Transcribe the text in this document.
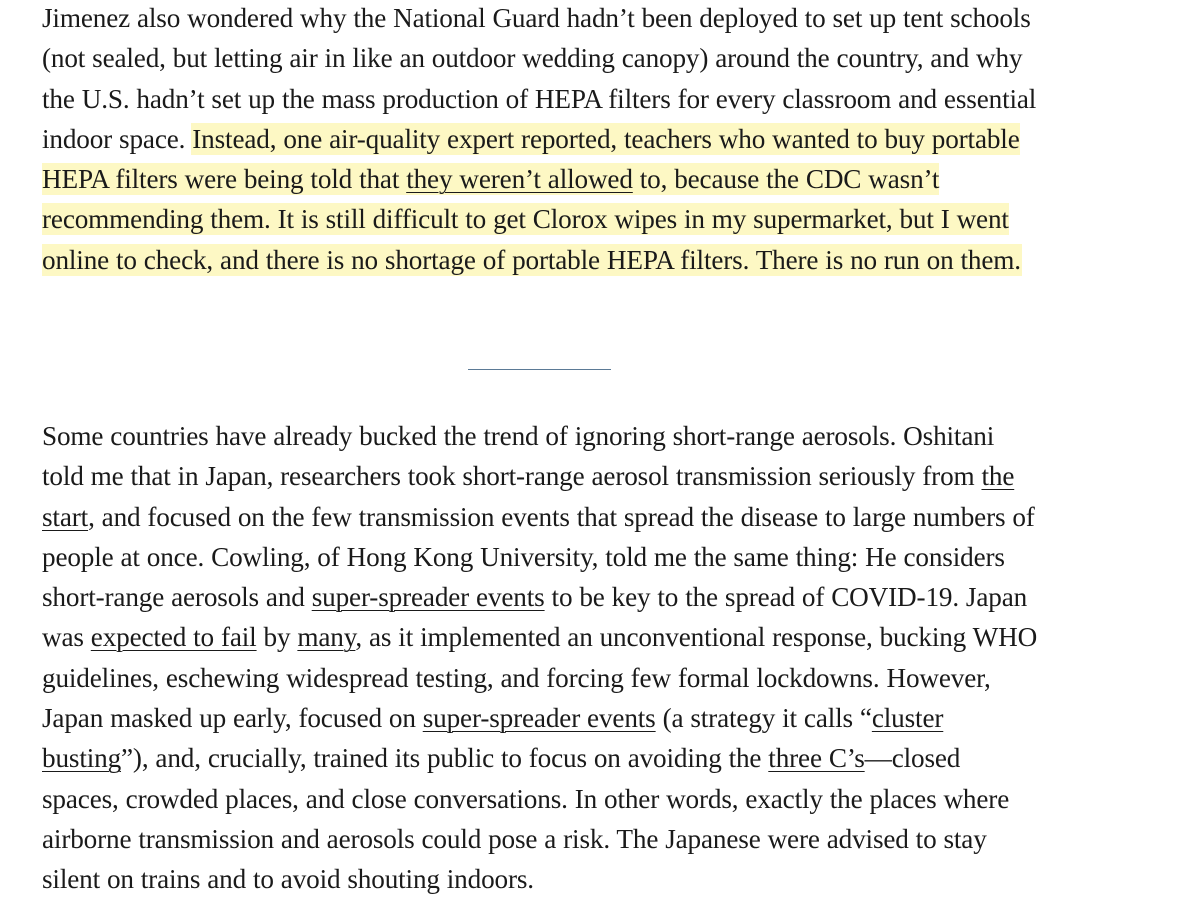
Jimenez also wondered why the National Guard hadn’t been deployed to set up tent schools (not sealed, but letting air in like an outdoor wedding canopy) around the country, and why the U.S. hadn’t set up the mass production of HEPA filters for every classroom and essential indoor space. Instead, one air-quality expert reported, teachers who wanted to buy portable HEPA filters were being told that they weren’t allowed to, because the CDC wasn’t recommending them. It is still difficult to get Clorox wipes in my supermarket, but I went online to check, and there is no shortage of portable HEPA filters. There is no run on them.

Some countries have already bucked the trend of ignoring short-range aerosols. Oshitani told me that in Japan, researchers took short-range aerosol transmission seriously from the start, and focused on the few transmission events that spread the disease to large numbers of people at once. Cowling, of Hong Kong University, told me the same thing: He considers short-range aerosols and super-spreader events to be key to the spread of COVID-19. Japan was expected to fail by many, as it implemented an unconventional response, bucking WHO guidelines, eschewing widespread testing, and forcing few formal lockdowns. However, Japan masked up early, focused on super-spreader events (a strategy it calls “cluster busting”), and, crucially, trained its public to focus on avoiding the three C’s—closed spaces, crowded places, and close conversations. In other words, exactly the places where airborne transmission and aerosols could pose a risk. The Japanese were advised to stay silent on trains and to avoid shouting indoors.
